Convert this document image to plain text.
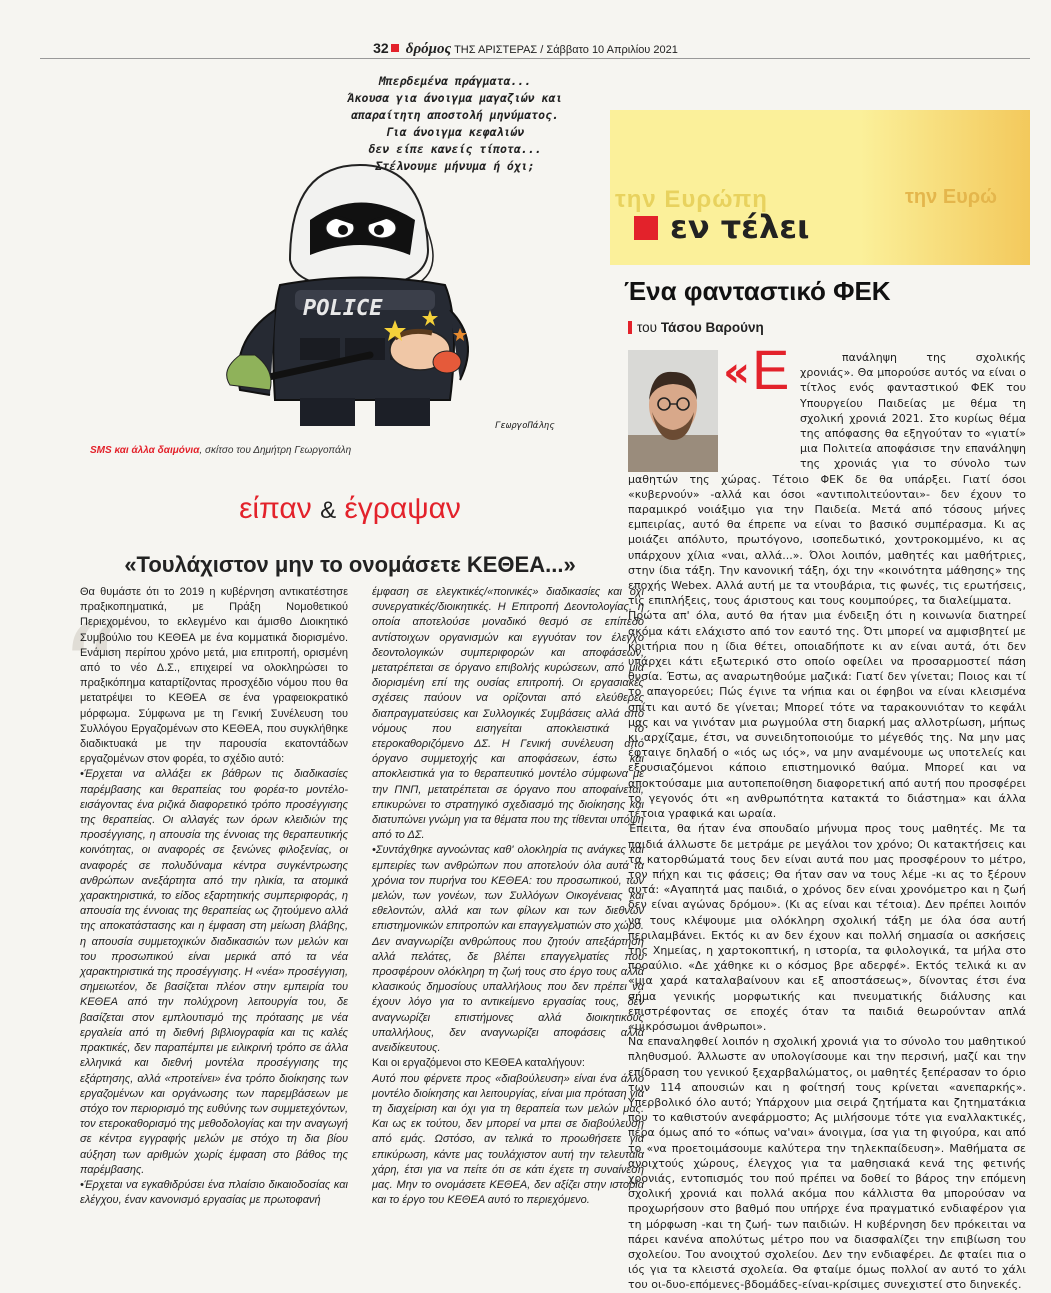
32 δρόμος ΤΗΣ ΑΡΙΣΤΕΡΑΣ / Σάββατο 10 Απριλίου 2021
POLICE
Μπερδεμένα πράγματα...
Άκουσα για άνοιγμα μαγαζιών και
απαραίτητη αποστολή μηνύματος.
Για άνοιγμα κεφαλιών
δεν είπε κανείς τίποτα...
Στέλνουμε μήνυμα ή όχι;
ΓεωργοΠάλης
SMS και άλλα δαιμόνια, σκίτσο του Δημήτρη Γεωργοπάλη
είπαν & έγραψαν
«Τουλάχιστον μην το ονομάσετε ΚΕΘΕΑ...»
“

Θα θυμάστε ότι το 2019 η κυβέρνηση αντικατέστησε πραξικοπηματικά, με Πράξη Νομοθετικού Περιεχομένου, το εκλεγμένο και άμισθο Διοικητικό Συμβούλιο του ΚΕΘΕΑ με ένα κομματικά διορισμένο. Ενάμιση περίπου χρόνο μετά, μια επιτροπή, ορισμένη από το νέο Δ.Σ., επιχειρεί να ολοκληρώσει το πραξικόπημα καταρτίζοντας προσχέδιο νόμου που θα μετατρέψει το ΚΕΘΕΑ σε ένα γραφειοκρατικό μόρφωμα. Σύμφωνα με τη Γενική Συνέλευση του Συλλόγου Εργαζομένων στο ΚΕΘΕΑ, που συγκλήθηκε διαδικτυακά με την παρουσία εκατοντάδων εργαζομένων στον φορέα, το σχέδιο αυτό:

•Έρχεται να αλλάξει εκ βάθρων τις διαδικασίες παρέμβασης και θεραπείας του φορέα-το μοντέλο- εισάγοντας ένα ριζικά διαφορετικό τρόπο προσέγγισης της θεραπείας. Οι αλλαγές των όρων κλειδιών της προσέγγισης, η απουσία της έννοιας της θεραπευτικής κοινότητας, οι αναφορές σε ξενώνες φιλοξενίας, οι αναφορές σε πολυδύναμα κέντρα συγκέντρωσης ανθρώπων ανεξάρτητα από την ηλικία, τα ατομικά χαρακτηριστικά, το είδος εξαρτητικής συμπεριφοράς, η απουσία της έννοιας της θεραπείας ως ζητούμενο αλλά της αποκατάστασης και η έμφαση στη μείωση βλάβης, η απουσία συμμετοχικών διαδικασιών των μελών και του προσωπικού είναι μερικά από τα νέα χαρακτηριστικά της προσέγγισης. Η «νέα» προσέγγιση, σημειωτέον, δε βασίζεται πλέον στην εμπειρία του ΚΕΘΕΑ από την πολύχρονη λειτουργία του, δε βασίζεται στον εμπλουτισμό της πρότασης με νέα εργαλεία από τη διεθνή βιβλιογραφία και τις καλές πρακτικές, δεν παραπέμπει με ειλικρινή τρόπο σε άλλα ελληνικά και διεθνή μοντέλα προσέγγισης της εξάρτησης, αλλά «προτείνει» ένα τρόπο διοίκησης των εργαζομένων και οργάνωσης των παρεμβάσεων με στόχο τον περιορισμό της ευθύνης των συμμετεχόντων, τον ετεροκαθορισμό της μεθοδολογίας και την αναγωγή σε κέντρα εγγραφής μελών με στόχο τη δια βίου αύξηση των αριθμών χωρίς έμφαση στο βάθος της παρέμβασης.

•Έρχεται να εγκαθιδρύσει ένα πλαίσιο δικαιοδοσίας και ελέγχου, έναν κανονισμό εργασίας με πρωτοφανή

έμφαση σε ελεγκτικές/«ποινικές» διαδικασίες και όχι συνεργατικές/διοικητικές. Η Επιτροπή Δεοντολογίας, η οποία αποτελούσε μοναδικό θεσμό σε επίπεδο αντίστοιχων οργανισμών και εγγυόταν τον έλεγχο δεοντολογικών συμπεριφορών και αποφάσεων, μετατρέπεται σε όργανο επιβολής κυρώσεων, από μία διορισμένη επί της ουσίας επιτροπή. Οι εργασιακές σχέσεις παύουν να ορίζονται από ελεύθερες διαπραγματεύσεις και Συλλογικές Συμβάσεις αλλά από νόμους που εισηγείται αποκλειστικά το ετεροκαθοριζόμενο ΔΣ. Η Γενική συνέλευση από όργανο συμμετοχής και αποφάσεων, έστω και αποκλειστικά για το θεραπευτικό μοντέλο σύμφωνα με την ΠΝΠ, μετατρέπεται σε όργανο που αποφαίνεται, επικυρώνει το στρατηγικό σχεδιασμό της διοίκησης και διατυπώνει γνώμη για τα θέματα που της τίθενται υπόψη από το ΔΣ.

•Συντάχθηκε αγνοώντας καθ' ολοκληρία τις ανάγκες και εμπειρίες των ανθρώπων που αποτελούν όλα αυτά τα χρόνια τον πυρήνα του ΚΕΘΕΑ: του προσωπικού, των μελών, των γονέων, των Συλλόγων Οικογένειας και εθελοντών, αλλά και των φίλων και των διεθνών επιστημονικών επιτροπών και επαγγελματιών στο χώρο. Δεν αναγνωρίζει ανθρώπους που ζητούν απεξάρτηση αλλά πελάτες, δε βλέπει επαγγελματίες που προσφέρουν ολόκληρη τη ζωή τους στο έργο τους αλλά κλασικούς δημοσίους υπαλλήλους που δεν πρέπει να έχουν λόγο για το αντικείμενο εργασίας τους, δεν αναγνωρίζει επιστήμονες αλλά διοικητικούς υπαλλήλους, δεν αναγνωρίζει αποφάσεις αλλά ανειδίκευτους.

Και οι εργαζόμενοι στο ΚΕΘΕΑ καταλήγουν:

Αυτό που φέρνετε προς «διαβούλευση» είναι ένα άλλο μοντέλο διοίκησης και λειτουργίας, είναι μια πρόταση για τη διαχείριση και όχι για τη θεραπεία των μελών μας. Και ως εκ τούτου, δεν μπορεί να μπει σε διαβούλευση από εμάς. Ωστόσο, αν τελικά το προωθήσετε για επικύρωση, κάντε μας τουλάχιστον αυτή την τελευταία χάρη, έτσι για να πείτε ότι σε κάτι έχετε τη συναίνεσή μας. Μην το ονομάσετε ΚΕΘΕΑ, δεν αξίζει στην ιστορία και το έργο του ΚΕΘΕΑ αυτό το περιεχόμενο.

την Ευρώπη	την Ευρώ
εν τέλει
Ένα φανταστικό ΦΕΚ
του Τάσου Βαρούνη

πανάληψη της σχολικής χρονιάς». Θα μπορούσε αυτός να είναι ο τίτλος ενός φανταστικού ΦΕΚ του Υπουργείου Παιδείας με θέμα τη σχολική χρονιά 2021. Στο κυρίως θέμα της απόφασης θα εξηγούταν το «γιατί» μια Πολιτεία αποφάσισε την επανάληψη της χρονιάς για το σύνολο των μαθητών της χώρας. Τέτοιο ΦΕΚ δε θα υπάρξει. Γιατί όσοι «κυβερνούν» -αλλά και όσοι «αντιπολιτεύονται»- δεν έχουν το παραμικρό νοιάξιμο για την Παιδεία. Μετά από τόσους μήνες εμπειρίας, αυτό θα έπρεπε να είναι το βασικό συμπέρασμα. Κι ας μοιάζει απόλυτο, πρωτόγονο, ισοπεδωτικό, χοντροκομμένο, κι ας υπάρχουν χίλια «ναι, αλλά...». Όλοι λοιπόν, μαθητές και μαθήτριες, στην ίδια τάξη. Την κανονική τάξη, όχι την «κοινότητα μάθησης» της εποχής Webex. Αλλά αυτή με τα ντουβάρια, τις φωνές, τις ερωτήσεις, τις επιπλήξεις, τους άριστους και τους κουμπούρες, τα διαλείμματα.

Πρώτα απ' όλα, αυτό θα ήταν μια ένδειξη ότι η κοινωνία διατηρεί ακόμα κάτι ελάχιστο από τον εαυτό της. Ότι μπορεί να αμφισβητεί με κριτήρια που η ίδια θέτει, οποιαδήποτε κι αν είναι αυτά, ότι δεν υπάρχει κάτι εξωτερικό στο οποίο οφείλει να προσαρμοστεί πάση θυσία. Έστω, ας αναρωτηθούμε μαζικά: Γιατί δεν γίνεται; Ποιος και τί το απαγορεύει; Πώς έγινε τα νήπια και οι έφηβοι να είναι κλεισμένα σπίτι και αυτό δε γίνεται; Μπορεί τότε να ταρακουνιόταν το κεφάλι μας και να γινόταν μια ρωγμούλα στη διαρκή μας αλλοτρίωση, μήπως κι αρχίζαμε, έτσι, να συνειδητοποιούμε το μέγεθός της. Να μην μας έφταιγε δηλαδή ο «ιός ως ιός», να μην αναμένουμε ως υποτελείς και εξουσιαζόμενοι κάποιο επιστημονικό θαύμα. Μπορεί και να αποκτούσαμε μια αυτοπεποίθηση διαφορετική από αυτή που προσφέρει το γεγονός ότι «η ανθρωπότητα κατακτά το διάστημα» και άλλα τέτοια γραφικά και ωραία.

Έπειτα, θα ήταν ένα σπουδαίο μήνυμα προς τους μαθητές. Με τα παιδιά άλλωστε δε μετράμε ρε μεγάλοι τον χρόνο; Οι κατακτήσεις και τα κατορθώματά τους δεν είναι αυτά που μας προσφέρουν το μέτρο, τον πήχη και τις φάσεις; Θα ήταν σαν να τους λέμε -κι ας το ξέρουν αυτά: «Αγαπητά μας παιδιά, ο χρόνος δεν είναι χρονόμετρο και η ζωή δεν είναι αγώνας δρόμου». (Κι ας είναι και τέτοια). Δεν πρέπει λοιπόν να τους κλέψουμε μια ολόκληρη σχολική τάξη με όλα όσα αυτή περιλαμβάνει. Εκτός κι αν δεν έχουν και πολλή σημασία οι ασκήσεις της Χημείας, η χαρτοκοπτική, η ιστορία, τα φιλολογικά, τα μήλα στο προαύλιο. «Δε χάθηκε κι ο κόσμος βρε αδερφέ». Εκτός τελικά κι αν «μια χαρά καταλαβαίνουν και εξ αποστάσεως», δίνοντας έτσι ένα σήμα γενικής μορφωτικής και πνευματικής διάλυσης και επιστρέφοντας σε εποχές όταν τα παιδιά θεωρούνταν απλά «μικρόσωμοι άνθρωποι».

Να επαναληφθεί λοιπόν η σχολική χρονιά για το σύνολο του μαθητικού πληθυσμού. Άλλωστε αν υπολογίσουμε και την περσινή, μαζί και την επίδραση του γενικού ξεχαρβαλώματος, οι μαθητές ξεπέρασαν το όριο των 114 απουσιών και η φοίτησή τους κρίνεται «ανεπαρκής». Υπερβολικό όλο αυτό; Υπάρχουν μια σειρά ζητήματα και ζητηματάκια που το καθιστούν ανεφάρμοστο; Ας μιλήσουμε τότε για εναλλακτικές, πέρα όμως από το «όπως να'ναι» άνοιγμα, ίσα για τη φιγούρα, και από το «να προετοιμάσουμε καλύτερα την τηλεκπαίδευση». Μαθήματα σε ανοιχτούς χώρους, έλεγχος για τα μαθησιακά κενά της φετινής χρονιάς, εντοπισμός του πού πρέπει να δοθεί το βάρος την επόμενη σχολική χρονιά και πολλά ακόμα που κάλλιστα θα μπορούσαν να προχωρήσουν στο βαθμό που υπήρχε ένα πραγματικό ενδιαφέρον για τη μόρφωση -και τη ζωή- των παιδιών. Η κυβέρνηση δεν πρόκειται να πάρει κανένα απολύτως μέτρο που να διασφαλίζει την επιβίωση του σχολείου. Του ανοιχτού σχολείου. Δεν την ενδιαφέρει. Δε φταίει πια ο ιός για τα κλειστά σχολεία. Θα φταίμε όμως πολλοί αν αυτό το χάλι του οι-δυο-επόμενες-βδομάδες-είναι-κρίσιμες συνεχιστεί στο διηνεκές.

« Ε
